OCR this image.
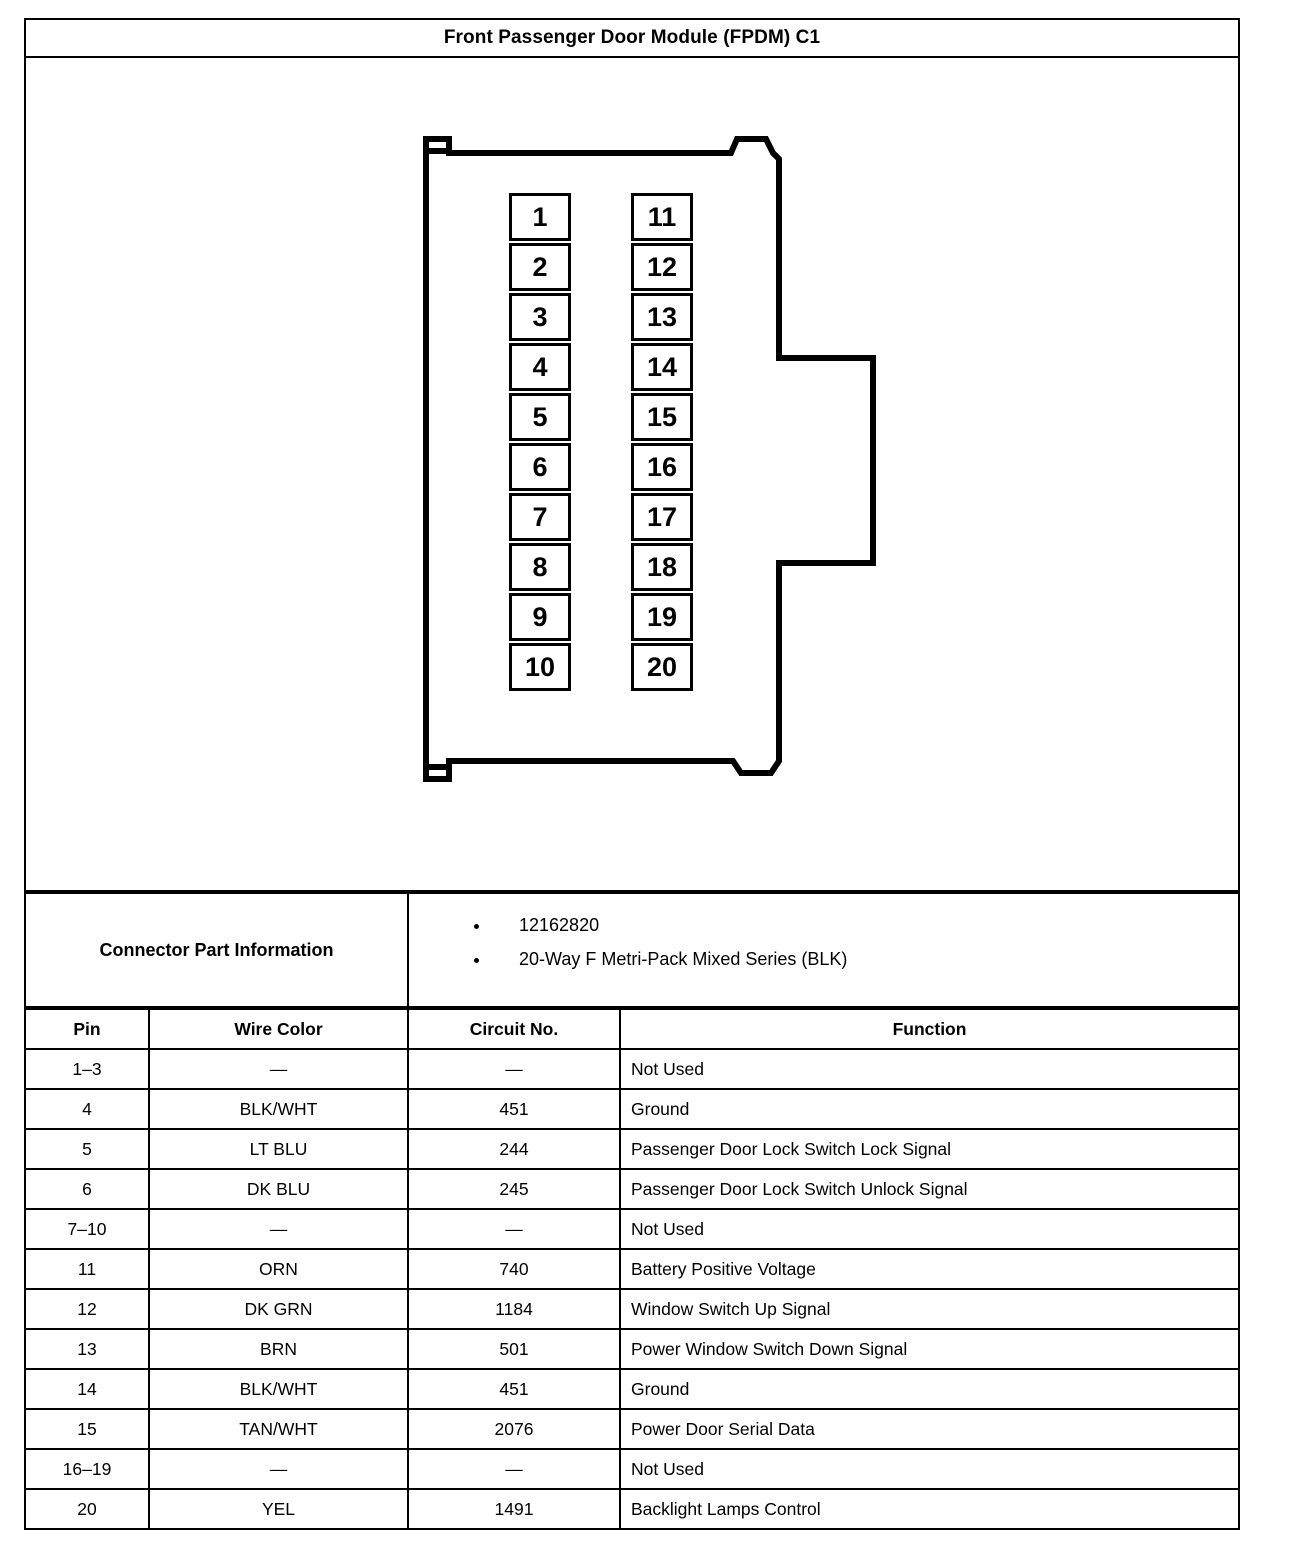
Front Passenger Door Module (FPDM) C1
1
2
3
4
5
6
7
8
9
10
11
12
13
14
15
16
17
18
19
20
Connector Part Information
• 12162820
• 20-Way F Metri-Pack Mixed Series (BLK)
Pin	Wire Color	Circuit No.	Function
1–3	—	—	Not Used
4	BLK/WHT	451	Ground
5	LT BLU	244	Passenger Door Lock Switch Lock Signal
6	DK BLU	245	Passenger Door Lock Switch Unlock Signal
7–10	—	—	Not Used
11	ORN	740	Battery Positive Voltage
12	DK GRN	1184	Window Switch Up Signal
13	BRN	501	Power Window Switch Down Signal
14	BLK/WHT	451	Ground
15	TAN/WHT	2076	Power Door Serial Data
16–19	—	—	Not Used
20	YEL	1491	Backlight Lamps Control
